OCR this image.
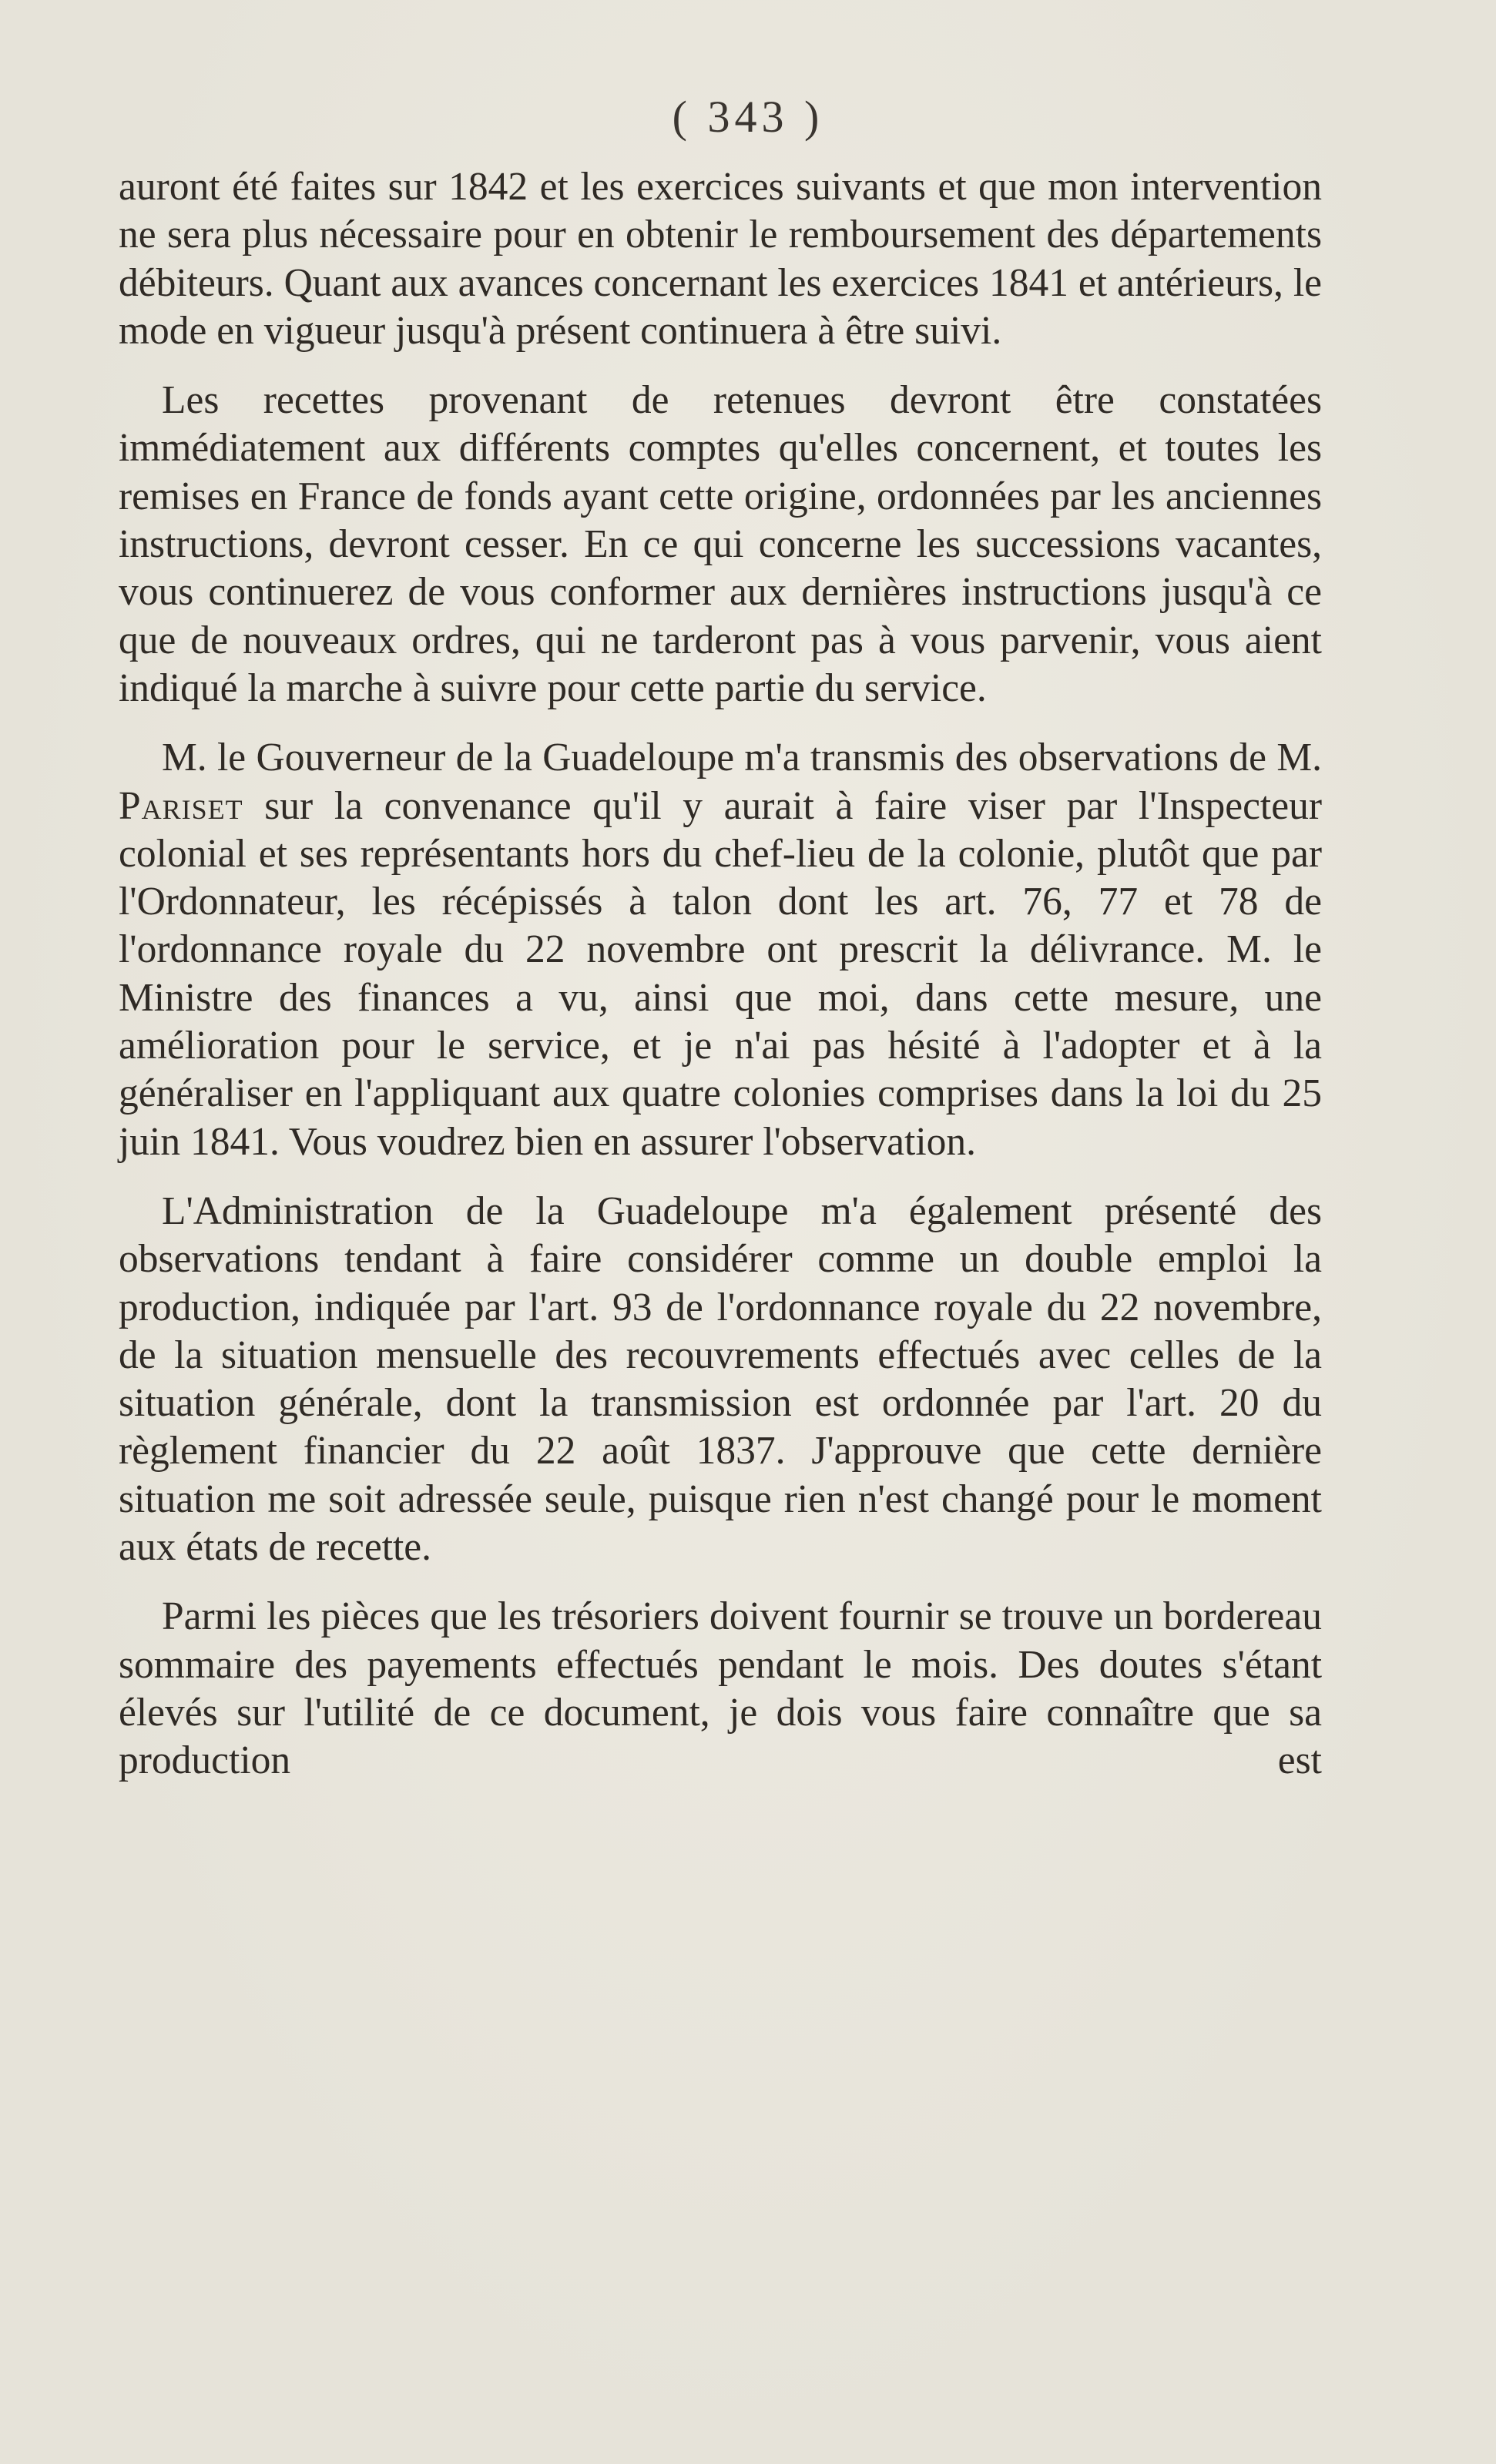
( 343 )

auront été faites sur 1842 et les exercices suivants et que mon intervention ne sera plus nécessaire pour en obtenir le remboursement des départements débiteurs. Quant aux avances concernant les exercices 1841 et antérieurs, le mode en vigueur jusqu'à présent continuera à être suivi.

Les recettes provenant de retenues devront être constatées immédiatement aux différents comptes qu'elles concernent, et toutes les remises en France de fonds ayant cette origine, ordonnées par les anciennes instructions, devront cesser. En ce qui concerne les successions vacantes, vous continuerez de vous conformer aux dernières instructions jusqu'à ce que de nouveaux ordres, qui ne tarderont pas à vous parvenir, vous aient indiqué la marche à suivre pour cette partie du service.

M. le Gouverneur de la Guadeloupe m'a transmis des observations de M. Pariset sur la convenance qu'il y aurait à faire viser par l'Inspecteur colonial et ses représentants hors du chef-lieu de la colonie, plutôt que par l'Ordonnateur, les récépissés à talon dont les art. 76, 77 et 78 de l'ordonnance royale du 22 novembre ont prescrit la délivrance. M. le Ministre des finances a vu, ainsi que moi, dans cette mesure, une amélioration pour le service, et je n'ai pas hésité à l'adopter et à la généraliser en l'appliquant aux quatre colonies comprises dans la loi du 25 juin 1841. Vous voudrez bien en assurer l'observation.

L'Administration de la Guadeloupe m'a également présenté des observations tendant à faire considérer comme un double emploi la production, indiquée par l'art. 93 de l'ordonnance royale du 22 novembre, de la situation mensuelle des recouvrements effectués avec celles de la situation générale, dont la transmission est ordonnée par l'art. 20 du règlement financier du 22 août 1837. J'approuve que cette dernière situation me soit adressée seule, puisque rien n'est changé pour le moment aux états de recette.

Parmi les pièces que les trésoriers doivent fournir se trouve un bordereau sommaire des payements effectués pendant le mois. Des doutes s'étant élevés sur l'utilité de ce document, je dois vous faire connaître que sa production est
